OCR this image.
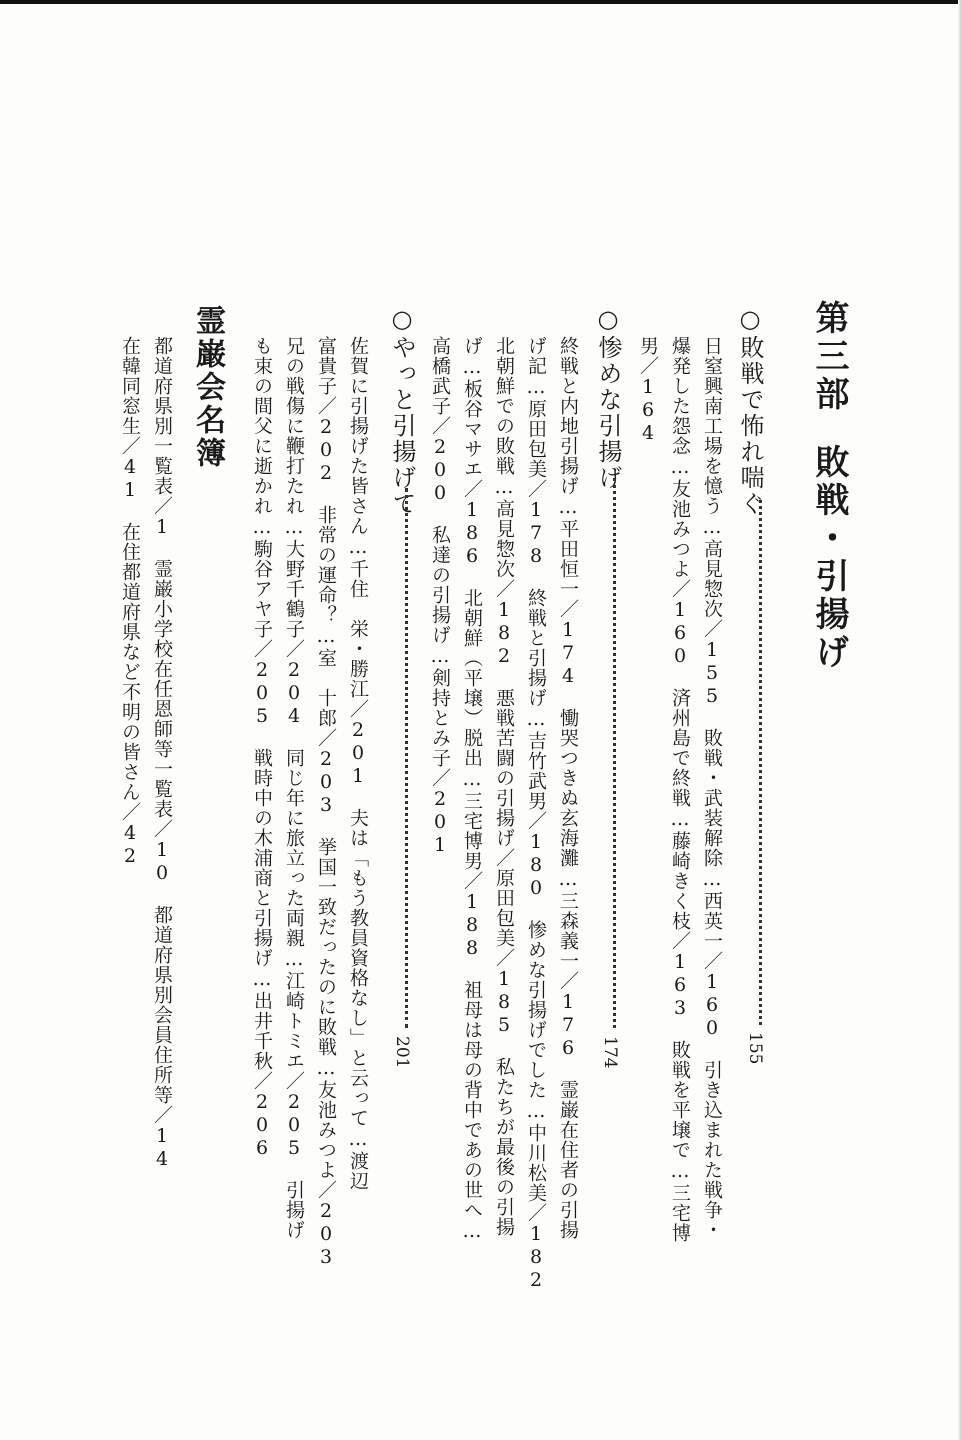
第三部敗戦・引揚げ
○敗戦で怖れ喘ぐ
155
日窒興南工場を憶う…高見惣次／155　敗戦・武装解除…西英一／160　引き込まれた戦争・
爆発した怨念…友池みつよ／160　済州島で終戦…藤崎きく枝／163　敗戦を平壌で…三宅博
男／164
○惨めな引揚げ
174
終戦と内地引揚げ…平田恒一／174　慟哭つきぬ玄海灘…三森義一／176　霊巌在住者の引揚
げ記…原田包美／178　終戦と引揚げ…吉竹武男／180　惨めな引揚げでした…中川松美／182
北朝鮮での敗戦…高見惣次／182　悪戦苦闘の引揚げ／原田包美／185　私たちが最後の引揚
げ…板谷マサエ／186　北朝鮮（平壌）脱出…三宅博男／188　祖母は母の背中であの世へ…
高橋武子／200　私達の引揚げ…剣持とみ子／201
○やっと引揚げて
201
佐賀に引揚げた皆さん…千住　栄・勝江／201　夫は「もう教員資格なし」と云って…渡辺
富貴子／202　非常の運命？…室　十郎／203　挙国一致だったのに敗戦…友池みつよ／203
兄の戦傷に鞭打たれ…大野千鶴子／204　同じ年に旅立った両親…江崎トミエ／205　引揚げ
も束の間父に逝かれ…駒谷アヤ子／205　戦時中の木浦商と引揚げ…出井千秋／206
霊巌会名簿
都道府県別一覧表／1　霊巌小学校在任恩師等一覧表／10　都道府県別会員住所等／14
在韓同窓生／41　在住都道府県など不明の皆さん／42
